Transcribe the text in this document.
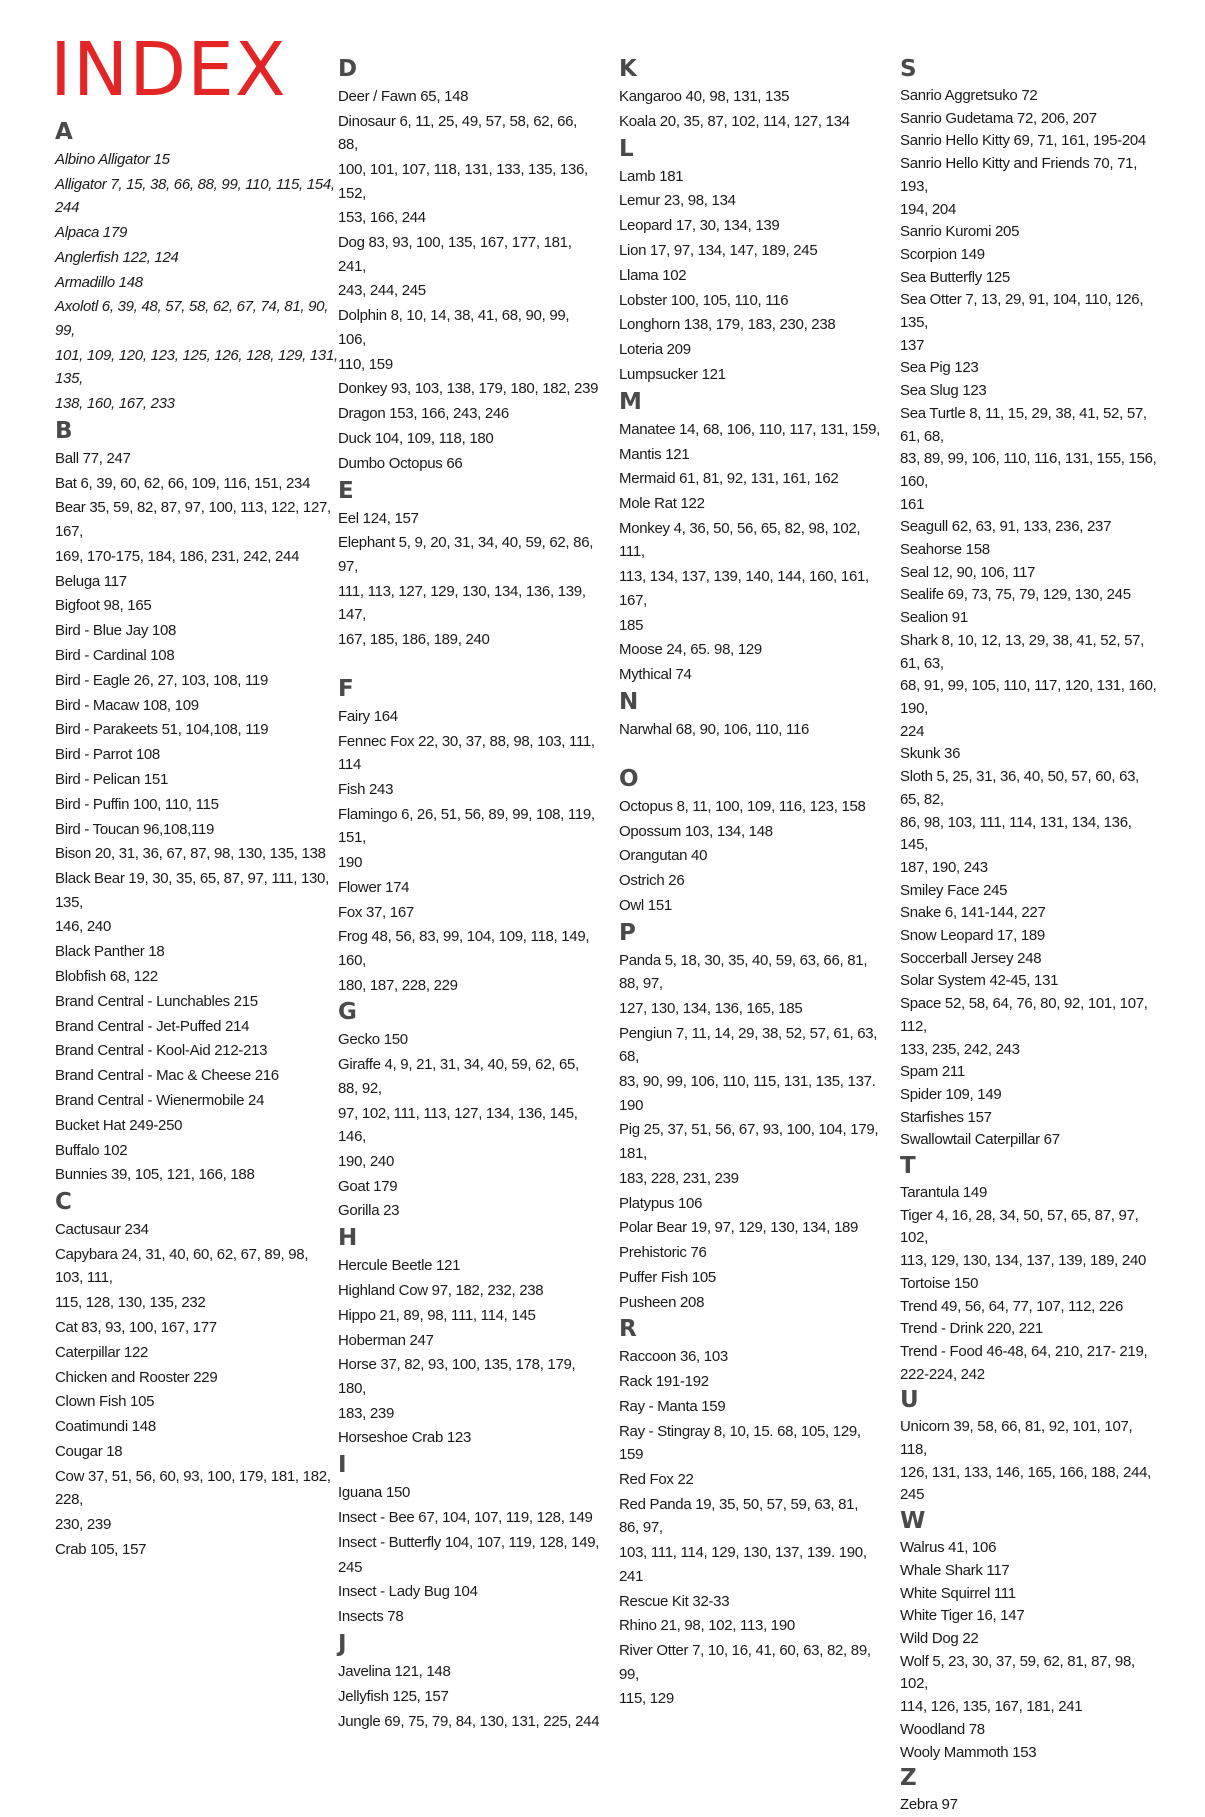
INDEX
A
Albino Alligator 15
Alligator 7, 15, 38, 66, 88, 99, 110, 115, 154, 244
Alpaca 179
Anglerfish 122, 124
Armadillo 148
Axolotl 6, 39, 48, 57, 58, 62, 67, 74, 81, 90, 99,
101, 109, 120, 123, 125, 126, 128, 129, 131, 135,
138, 160, 167, 233
B
Ball 77, 247
Bat 6, 39, 60, 62, 66, 109, 116, 151, 234
Bear 35, 59, 82, 87, 97, 100, 113, 122, 127, 167,
169, 170-175, 184, 186, 231, 242, 244
Beluga 117
Bigfoot 98, 165
Bird - Blue Jay 108
Bird - Cardinal 108
Bird - Eagle 26, 27, 103, 108, 119
Bird - Macaw 108, 109
Bird - Parakeets 51, 104,108, 119
Bird - Parrot 108
Bird - Pelican 151
Bird - Puffin 100, 110, 115
Bird - Toucan 96,108,119
Bison 20, 31, 36, 67, 87, 98, 130, 135, 138
Black Bear 19, 30, 35, 65, 87, 97, 111, 130, 135,
146, 240
Black Panther 18
Blobfish 68, 122
Brand Central - Lunchables 215
Brand Central - Jet-Puffed 214
Brand Central - Kool-Aid 212-213
Brand Central - Mac & Cheese 216
Brand Central - Wienermobile 24
Bucket Hat 249-250
Buffalo 102
Bunnies 39, 105, 121, 166, 188
C
Cactusaur 234
Capybara 24, 31, 40, 60, 62, 67, 89, 98, 103, 111,
115, 128, 130, 135, 232
Cat 83, 93, 100, 167, 177
Caterpillar 122
Chicken and Rooster 229
Clown Fish 105
Coatimundi 148
Cougar 18
Cow 37, 51, 56, 60, 93, 100, 179, 181, 182, 228,
230, 239
Crab 105, 157
D
Deer / Fawn 65, 148
Dinosaur 6, 11, 25, 49, 57, 58, 62, 66, 88,
100, 101, 107, 118, 131, 133, 135, 136, 152,
153, 166, 244
Dog 83, 93, 100, 135, 167, 177, 181, 241,
243, 244, 245
Dolphin 8, 10, 14, 38, 41, 68, 90, 99, 106,
110, 159
Donkey 93, 103, 138, 179, 180, 182, 239
Dragon 153, 166, 243, 246
Duck 104, 109, 118, 180
Dumbo Octopus 66
E
Eel 124, 157
Elephant 5, 9, 20, 31, 34, 40, 59, 62, 86, 97,
111, 113, 127, 129, 130, 134, 136, 139, 147,
167, 185, 186, 189, 240
F
Fairy 164
Fennec Fox 22, 30, 37, 88, 98, 103, 111, 114
Fish 243
Flamingo 6, 26, 51, 56, 89, 99, 108, 119, 151,
190
Flower 174
Fox 37, 167
Frog 48, 56, 83, 99, 104, 109, 118, 149, 160,
180, 187, 228, 229
G
Gecko 150
Giraffe 4, 9, 21, 31, 34, 40, 59, 62, 65, 88, 92,
97, 102, 111, 113, 127, 134, 136, 145, 146,
190, 240
Goat 179
Gorilla 23
H
Hercule Beetle 121
Highland Cow 97, 182, 232, 238
Hippo 21, 89, 98, 111, 114, 145
Hoberman 247
Horse 37, 82, 93, 100, 135, 178, 179, 180,
183, 239
Horseshoe Crab 123
I
Iguana 150
Insect - Bee 67, 104, 107, 119, 128, 149
Insect - Butterfly 104, 107, 119, 128, 149,
245
Insect - Lady Bug 104
Insects 78
J
Javelina 121, 148
Jellyfish 125, 157
Jungle 69, 75, 79, 84, 130, 131, 225, 244
K
Kangaroo 40, 98, 131, 135
Koala 20, 35, 87, 102, 114, 127, 134
L
Lamb 181
Lemur 23, 98, 134
Leopard 17, 30, 134, 139
Lion 17, 97, 134, 147, 189, 245
Llama 102
Lobster 100, 105, 110, 116
Longhorn 138, 179, 183, 230, 238
Loteria 209
Lumpsucker 121
M
Manatee 14, 68, 106, 110, 117, 131, 159,
Mantis 121
Mermaid 61, 81, 92, 131, 161, 162
Mole Rat 122
Monkey 4, 36, 50, 56, 65, 82, 98, 102, 111,
113, 134, 137, 139, 140, 144, 160, 161, 167,
185
Moose 24, 65. 98, 129
Mythical 74
N
Narwhal 68, 90, 106, 110, 116
O
Octopus 8, 11, 100, 109, 116, 123, 158
Opossum 103, 134, 148
Orangutan 40
Ostrich 26
Owl 151
P
Panda 5, 18, 30, 35, 40, 59, 63, 66, 81, 88, 97,
127, 130, 134, 136, 165, 185
Pengiun 7, 11, 14, 29, 38, 52, 57, 61, 63, 68,
83, 90, 99, 106, 110, 115, 131, 135, 137. 190
Pig 25, 37, 51, 56, 67, 93, 100, 104, 179, 181,
183, 228, 231, 239
Platypus 106
Polar Bear 19, 97, 129, 130, 134, 189
Prehistoric 76
Puffer Fish 105
Pusheen 208
R
Raccoon 36, 103
Rack 191-192
Ray - Manta 159
Ray - Stingray 8, 10, 15. 68, 105, 129, 159
Red Fox 22
Red Panda 19, 35, 50, 57, 59, 63, 81, 86, 97,
103, 111, 114, 129, 130, 137, 139. 190, 241
Rescue Kit 32-33
Rhino 21, 98, 102, 113, 190
River Otter 7, 10, 16, 41, 60, 63, 82, 89, 99,
115, 129
S
Sanrio Aggretsuko 72
Sanrio Gudetama 72, 206, 207
Sanrio Hello Kitty 69, 71, 161, 195-204
Sanrio Hello Kitty and Friends 70, 71, 193,
194, 204
Sanrio Kuromi 205
Scorpion 149
Sea Butterfly 125
Sea Otter 7, 13, 29, 91, 104, 110, 126, 135,
137
Sea Pig 123
Sea Slug 123
Sea Turtle 8, 11, 15, 29, 38, 41, 52, 57, 61, 68,
83, 89, 99, 106, 110, 116, 131, 155, 156, 160,
161
Seagull 62, 63, 91, 133, 236, 237
Seahorse 158
Seal 12, 90, 106, 117
Sealife 69, 73, 75, 79, 129, 130, 245
Sealion 91
Shark 8, 10, 12, 13, 29, 38, 41, 52, 57, 61, 63,
68, 91, 99, 105, 110, 117, 120, 131, 160, 190,
224
Skunk 36
Sloth 5, 25, 31, 36, 40, 50, 57, 60, 63, 65, 82,
86, 98, 103, 111, 114, 131, 134, 136, 145,
187, 190, 243
Smiley Face 245
Snake 6, 141-144, 227
Snow Leopard 17, 189
Soccerball Jersey 248
Solar System 42-45, 131
Space 52, 58, 64, 76, 80, 92, 101, 107, 112,
133, 235, 242, 243
Spam 211
Spider 109, 149
Starfishes 157
Swallowtail Caterpillar 67
T
Tarantula 149
Tiger 4, 16, 28, 34, 50, 57, 65, 87, 97, 102,
113, 129, 130, 134, 137, 139, 189, 240
Tortoise 150
Trend 49, 56, 64, 77, 107, 112, 226
Trend - Drink 220, 221
Trend - Food 46-48, 64, 210, 217- 219,
222-224, 242
U
Unicorn 39, 58, 66, 81, 92, 101, 107, 118,
126, 131, 133, 146, 165, 166, 188, 244, 245
W
Walrus 41, 106
Whale Shark 117
White Squirrel 111
White Tiger 16, 147
Wild Dog 22
Wolf 5, 23, 30, 37, 59, 62, 81, 87, 98, 102,
114, 126, 135, 167, 181, 241
Woodland 78
Wooly Mammoth 153
Z
Zebra 97
